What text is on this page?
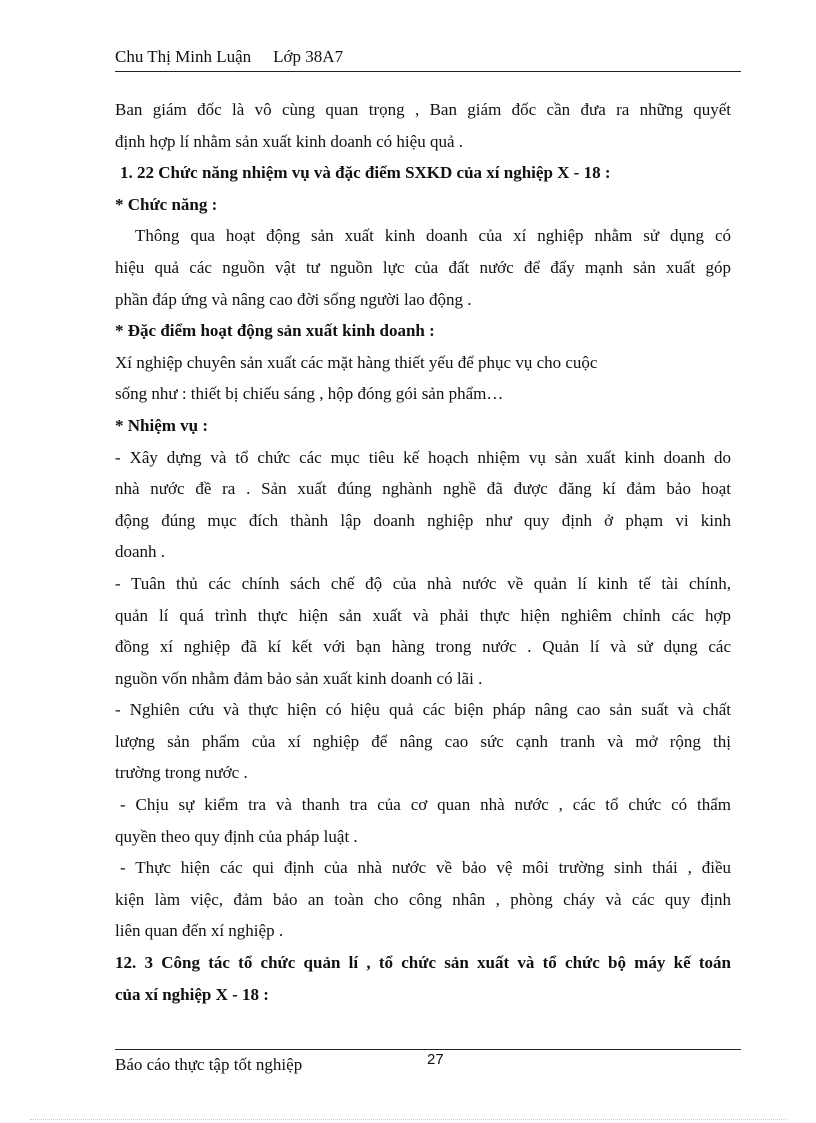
Chu Thị Minh Luận Lớp 38A7
Ban giám đốc là vô cùng quan trọng , Ban giám đốc cần đưa ra những quyết
định hợp lí nhằm sản xuất kinh doanh có hiệu quả .
1. 22 Chức năng nhiệm vụ và đặc điểm SXKD của xí nghiệp X - 18 :
* Chức năng :
Thông qua hoạt động sản xuất kinh doanh của xí nghiệp nhằm sử dụng có
hiệu quả các nguồn vật tư nguồn lực của đất nước để đẩy mạnh sản xuất góp
phần đáp ứng và nâng cao đời sống người lao động .
* Đặc điểm hoạt động sản xuất kinh doanh :
Xí nghiệp chuyên sản xuất các mặt hàng thiết yếu để phục vụ cho cuộc
sống như : thiết bị chiếu sáng , hộp đóng gói sản phẩm…
* Nhiệm vụ :
- Xây dựng và tổ chức các mục tiêu kế hoạch nhiệm vụ sản xuất kinh doanh do
nhà nước đề ra . Sản xuất đúng nghành nghề đã được đăng kí đảm bảo hoạt
động đúng mục đích thành lập doanh nghiệp như quy định ở phạm vi kinh
doanh .
- Tuân thủ các chính sách chế độ của nhà nước về quản lí kinh tế tài chính,
quản lí quá trình thực hiện sản xuất và phải thực hiện nghiêm chỉnh các hợp
đồng xí nghiệp đã kí kết với bạn hàng trong nước . Quản lí và sử dụng các
nguồn vốn nhằm đảm bảo sản xuất kinh doanh có lãi .
- Nghiên cứu và thực hiện có hiệu quả các biện pháp nâng cao sản suất và chất
lượng sản phẩm của xí nghiệp để nâng cao sức cạnh tranh và mở rộng thị
trường trong nước .
- Chịu sự kiểm tra và thanh tra của cơ quan nhà nước , các tổ chức có thẩm
quyền theo quy định của pháp luật .
- Thực hiện các qui định của nhà nước về bảo vệ môi trường sinh thái , điều
kiện làm việc, đảm bảo an toàn cho công nhân , phòng cháy và các quy định
liên quan đến xí nghiệp .
12. 3 Công tác tổ chức quản lí , tổ chức sản xuất và tổ chức bộ máy kế toán
của xí nghiệp X - 18 :
Báo cáo thực tập tốt nghiệp	27
